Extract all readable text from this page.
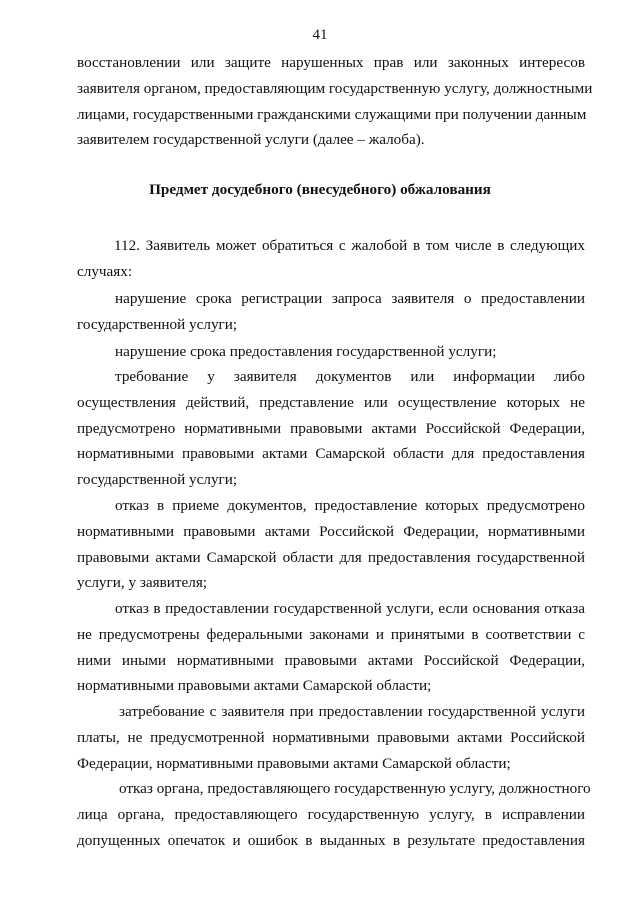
41
восстановлении или защите нарушенных прав или законных интересов
заявителя органом, предоставляющим государственную услугу, должностными
лицами, государственными гражданскими служащими при получении данным
заявителем государственной услуги (далее – жалоба).
Предмет досудебного (внесудебного) обжалования
112. Заявитель может обратиться с жалобой в том числе в следующих
случаях:
нарушение срока регистрации запроса заявителя о предоставлении
государственной услуги;
нарушение срока предоставления государственной услуги;
требование у заявителя документов или информации либо
осуществления действий, представление или осуществление которых не
предусмотрено нормативными правовыми актами Российской Федерации,
нормативными правовыми актами Самарской области для предоставления
государственной услуги;
отказ в приеме документов, предоставление которых предусмотрено
нормативными правовыми актами Российской Федерации, нормативными
правовыми актами Самарской области для предоставления государственной
услуги, у заявителя;
отказ в предоставлении государственной услуги, если основания отказа
не предусмотрены федеральными законами и принятыми в соответствии с
ними иными нормативными правовыми актами Российской Федерации,
нормативными правовыми актами Самарской области;
затребование с заявителя при предоставлении государственной услуги
платы, не предусмотренной нормативными правовыми актами Российской
Федерации, нормативными правовыми актами Самарской области;
отказ органа, предоставляющего государственную услугу, должностного
лица органа, предоставляющего государственную услугу, в исправлении
допущенных опечаток и ошибок в выданных в результате предоставления
